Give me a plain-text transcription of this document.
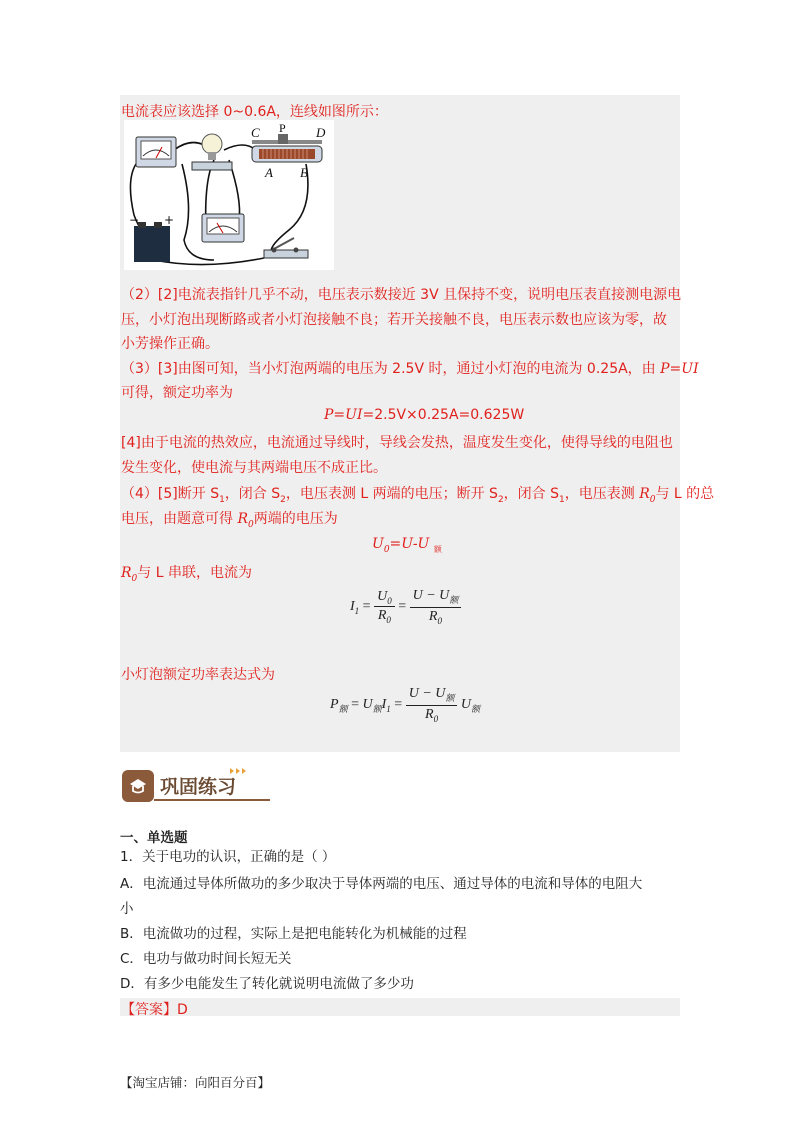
电流表应该选择 0~0.6A，连线如图所示：
C P D
A B
− +
（2）[2]电流表指针几乎不动，电压表示数接近 3V 且保持不变，说明电压表直接测电源电
压，小灯泡出现断路或者小灯泡接触不良；若开关接触不良，电压表示数也应该为零，故
小芳操作正确。
（3）[3]由图可知，当小灯泡两端的电压为 2.5V 时，通过小灯泡的电流为 0.25A，由 P=UI
可得，额定功率为
P=UI=2.5V×0.25A=0.625W
[4]由于电流的热效应，电流通过导线时，导线会发热，温度发生变化，使得导线的电阻也
发生变化，使电流与其两端电压不成正比。
（4）[5]断开 $S_1$，闭合 $S_2$，电压表测 L 两端的电压；断开 $S_2$，闭合 $S_1$，电压表测 $R_0$与 L 的总
电压，由题意可得 $R_0$两端的电压为
$U_0=U-U$ $_额$
$R_0$与 L 串联，电流为
$I_1 = \frac{U_0}{R_0} = \frac{U - U_额}{R_0}$
小灯泡额定功率表达式为
$P_额 = U_额I_1 = \frac{U - U_额}{R_0} U_额$
巩固练习
一、单选题
1．关于电功的认识，正确的是（ ）
A．电流通过导体所做功的多少取决于导体两端的电压、通过导体的电流和导体的电阻大
小
B．电流做功的过程，实际上是把电能转化为机械能的过程
C．电功与做功时间长短无关
D．有多少电能发生了转化就说明电流做了多少功
【答案】D
【淘宝店铺：向阳百分百】
